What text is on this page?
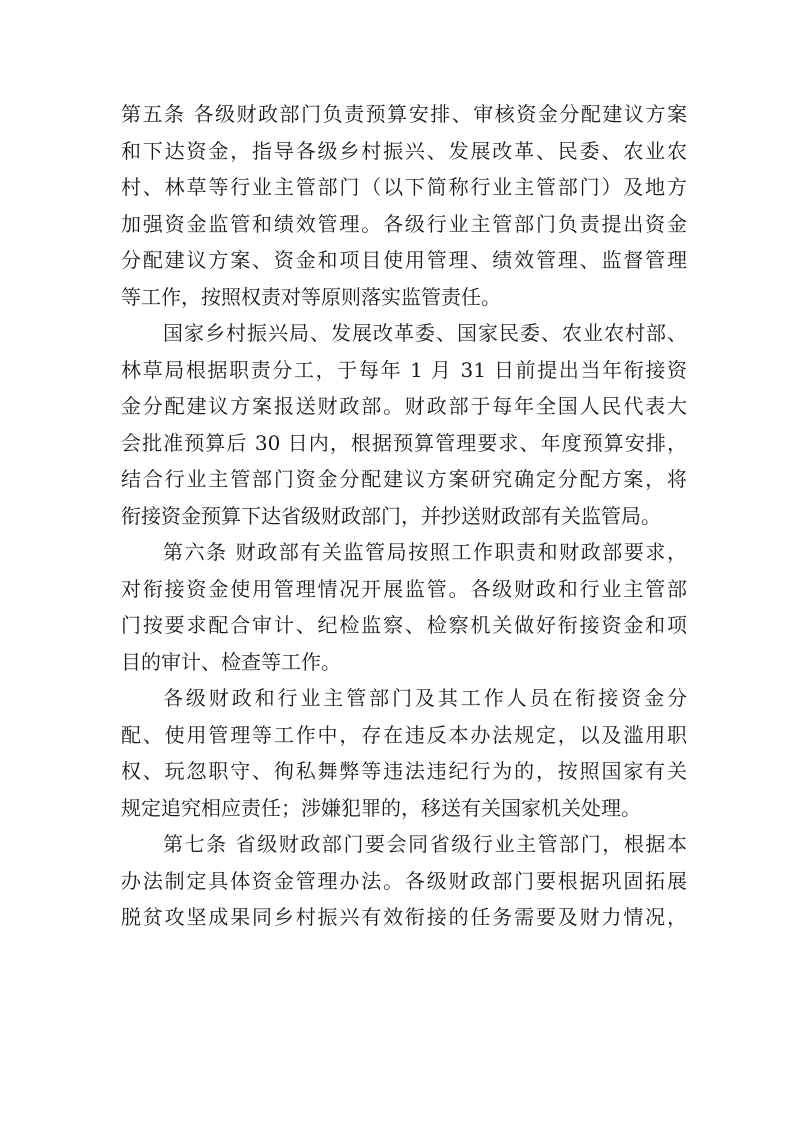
第五条 各级财政部门负责预算安排、审核资金分配建议方案
和下达资金，指导各级乡村振兴、发展改革、民委、农业农
村、林草等行业主管部门（以下简称行业主管部门）及地方
加强资金监管和绩效管理。各级行业主管部门负责提出资金
分配建议方案、资金和项目使用管理、绩效管理、监督管理
等工作，按照权责对等原则落实监管责任。
国家乡村振兴局、发展改革委、国家民委、农业农村部、
林草局根据职责分工，于每年 1 月 31 日前提出当年衔接资
金分配建议方案报送财政部。财政部于每年全国人民代表大
会批准预算后 30 日内，根据预算管理要求、年度预算安排，
结合行业主管部门资金分配建议方案研究确定分配方案，将
衔接资金预算下达省级财政部门，并抄送财政部有关监管局。
第六条 财政部有关监管局按照工作职责和财政部要求，
对衔接资金使用管理情况开展监管。各级财政和行业主管部
门按要求配合审计、纪检监察、检察机关做好衔接资金和项
目的审计、检查等工作。
各级财政和行业主管部门及其工作人员在衔接资金分
配、使用管理等工作中，存在违反本办法规定，以及滥用职
权、玩忽职守、徇私舞弊等违法违纪行为的，按照国家有关
规定追究相应责任；涉嫌犯罪的，移送有关国家机关处理。
第七条 省级财政部门要会同省级行业主管部门，根据本
办法制定具体资金管理办法。各级财政部门要根据巩固拓展
脱贫攻坚成果同乡村振兴有效衔接的任务需要及财力情况，
